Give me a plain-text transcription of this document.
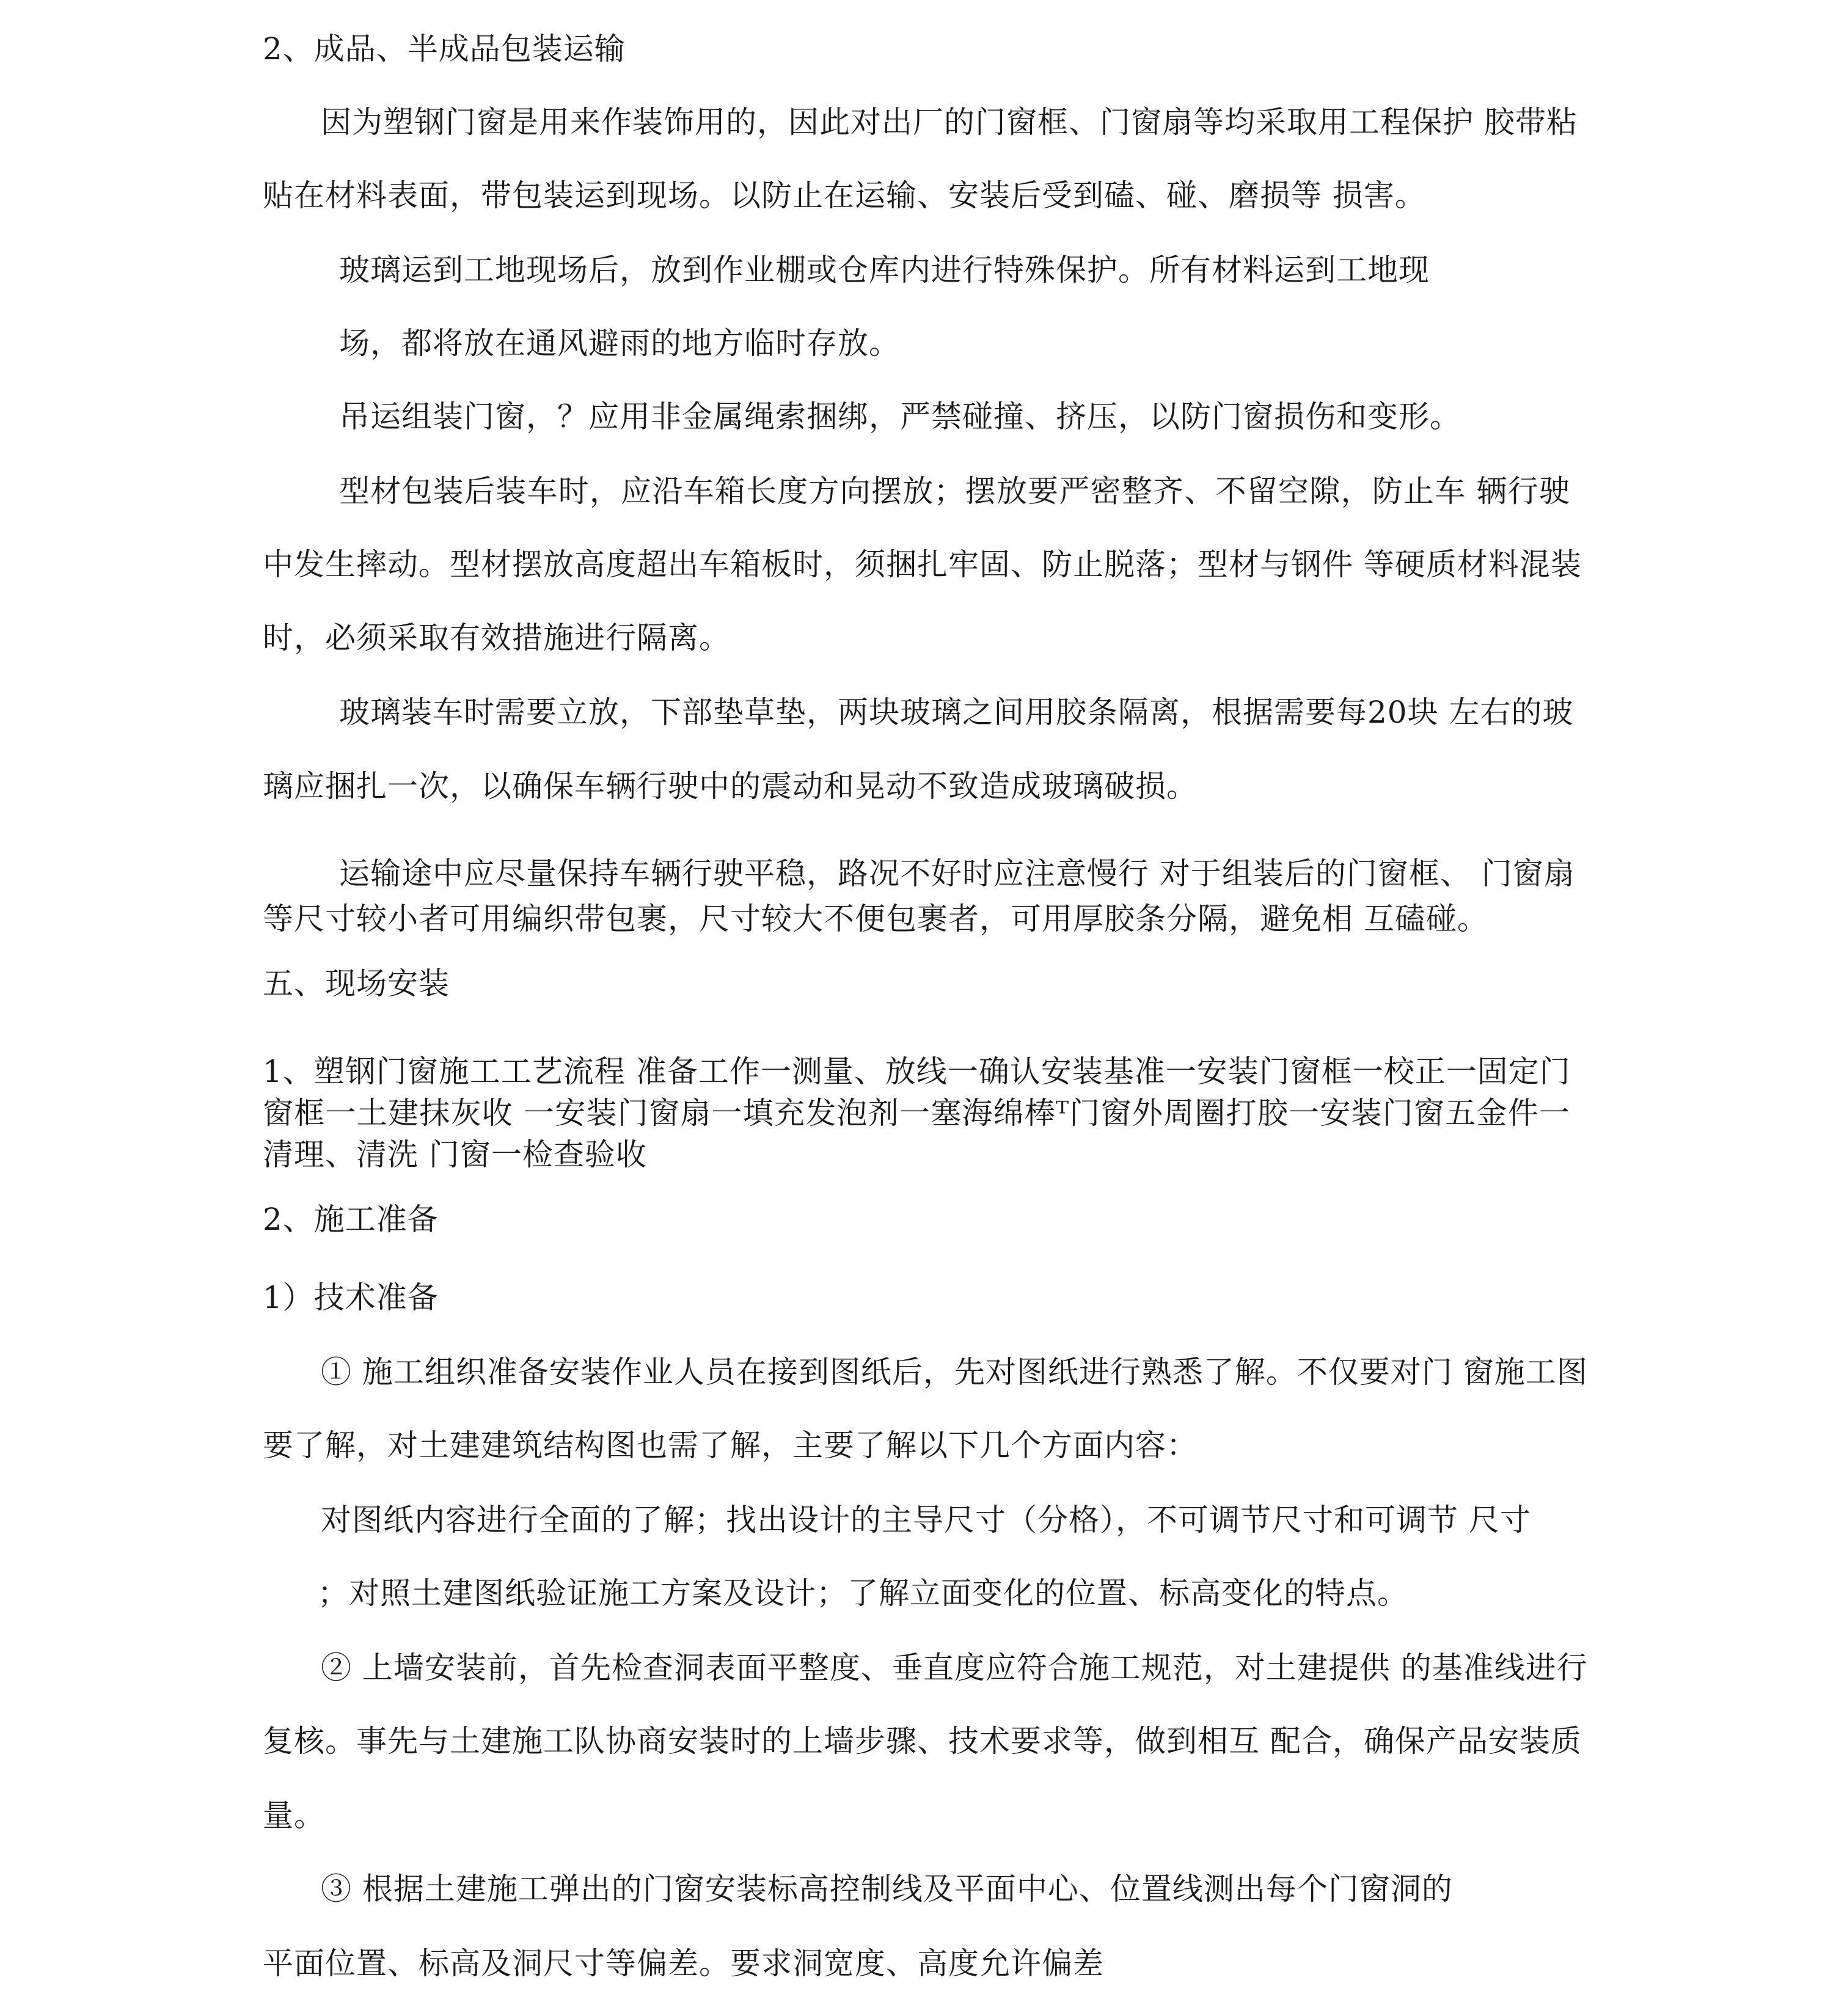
2、成品、半成品包装运输
因为塑钢门窗是用来作装饰用的，因此对出厂的门窗框、门窗扇等均采取用工程保护 胶带粘
贴在材料表面，带包装运到现场。以防止在运输、安装后受到磕、碰、磨损等 损害。
玻璃运到工地现场后，放到作业棚或仓库内进行特殊保护。所有材料运到工地现
场，都将放在通风避雨的地方临时存放。
吊运组装门窗，？应用非金属绳索捆绑，严禁碰撞、挤压，以防门窗损伤和变形。
型材包装后装车时，应沿车箱长度方向摆放；摆放要严密整齐、不留空隙，防止车 辆行驶
中发生摔动。型材摆放高度超出车箱板时，须捆扎牢固、防止脱落；型材与钢件 等硬质材料混装
时，必须采取有效措施进行隔离。
玻璃装车时需要立放，下部垫草垫，两块玻璃之间用胶条隔离，根据需要每20块 左右的玻
璃应捆扎一次，以确保车辆行驶中的震动和晃动不致造成玻璃破损。
运输途中应尽量保持车辆行驶平稳，路况不好时应注意慢行 对于组装后的门窗框、 门窗扇
等尺寸较小者可用编织带包裹，尺寸较大不便包裹者，可用厚胶条分隔，避免相 互磕碰。
五、现场安装
1、塑钢门窗施工工艺流程 准备工作一测量、放线一确认安装基准一安装门窗框一校正一固定门
窗框一土建抹灰收 一安装门窗扇一填充发泡剂一塞海绵棒ᵀ门窗外周圈打胶一安装门窗五金件一
清理、清洗 门窗一检查验收
2、施工准备
1）技术准备
① 施工组织准备安装作业人员在接到图纸后，先对图纸进行熟悉了解。不仅要对门 窗施工图
要了解，对土建建筑结构图也需了解，主要了解以下几个方面内容：
对图纸内容进行全面的了解；找出设计的主导尺寸（分格），不可调节尺寸和可调节 尺寸
；对照土建图纸验证施工方案及设计；了解立面变化的位置、标高变化的特点。
② 上墙安装前，首先检查洞表面平整度、垂直度应符合施工规范，对土建提供 的基准线进行
复核。事先与土建施工队协商安装时的上墙步骤、技术要求等，做到相互 配合，确保产品安装质
量。
③ 根据土建施工弹出的门窗安装标高控制线及平面中心、位置线测出每个门窗洞的
平面位置、标高及洞尺寸等偏差。要求洞宽度、高度允许偏差
